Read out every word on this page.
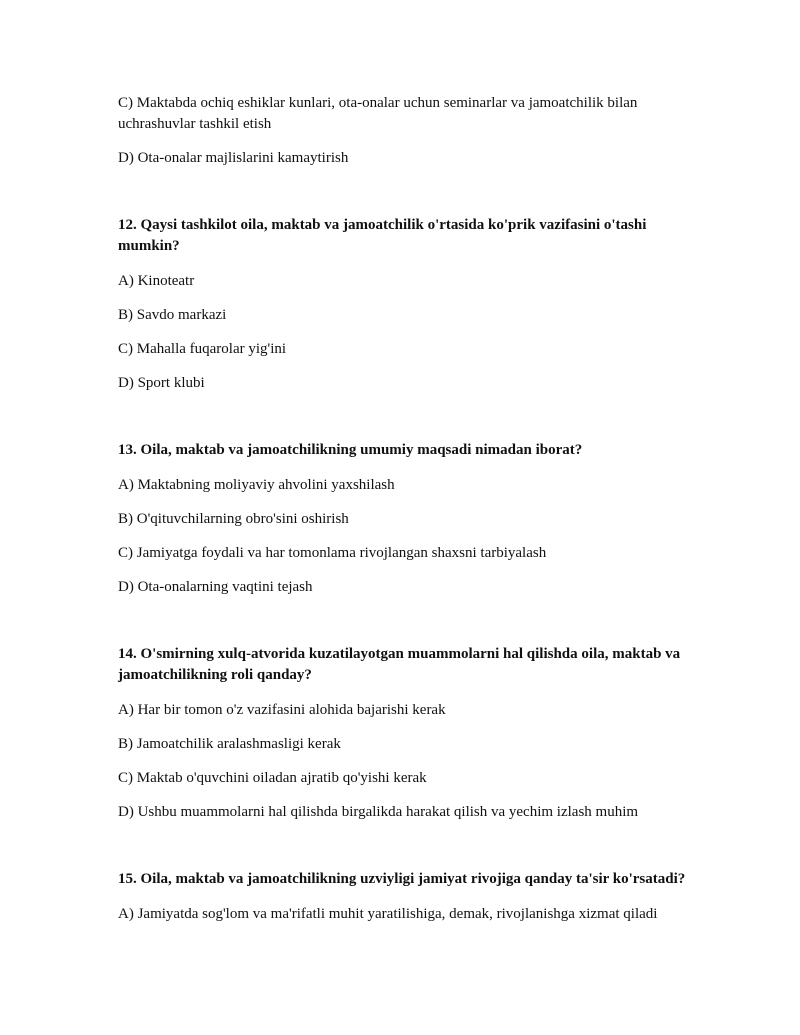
C) Maktabda ochiq eshiklar kunlari, ota-onalar uchun seminarlar va jamoatchilik bilan uchrashuvlar tashkil etish

D) Ota-onalar majlislarini kamaytirish

12. Qaysi tashkilot oila, maktab va jamoatchilik o'rtasida ko'prik vazifasini o'tashi mumkin?

A) Kinoteatr

B) Savdo markazi

C) Mahalla fuqarolar yig'ini

D) Sport klubi

13. Oila, maktab va jamoatchilikning umumiy maqsadi nimadan iborat?

A) Maktabning moliyaviy ahvolini yaxshilash

B) O'qituvchilarning obro'sini oshirish

C) Jamiyatga foydali va har tomonlama rivojlangan shaxsni tarbiyalash

D) Ota-onalarning vaqtini tejash

14. O'smirning xulq-atvorida kuzatilayotgan muammolarni hal qilishda oila, maktab va jamoatchilikning roli qanday?

A) Har bir tomon o'z vazifasini alohida bajarishi kerak

B) Jamoatchilik aralashmasligi kerak

C) Maktab o'quvchini oiladan ajratib qo'yishi kerak

D) Ushbu muammolarni hal qilishda birgalikda harakat qilish va yechim izlash muhim

15. Oila, maktab va jamoatchilikning uzviyligi jamiyat rivojiga qanday ta'sir ko'rsatadi?

A) Jamiyatda sog'lom va ma'rifatli muhit yaratilishiga, demak, rivojlanishga xizmat qiladi
